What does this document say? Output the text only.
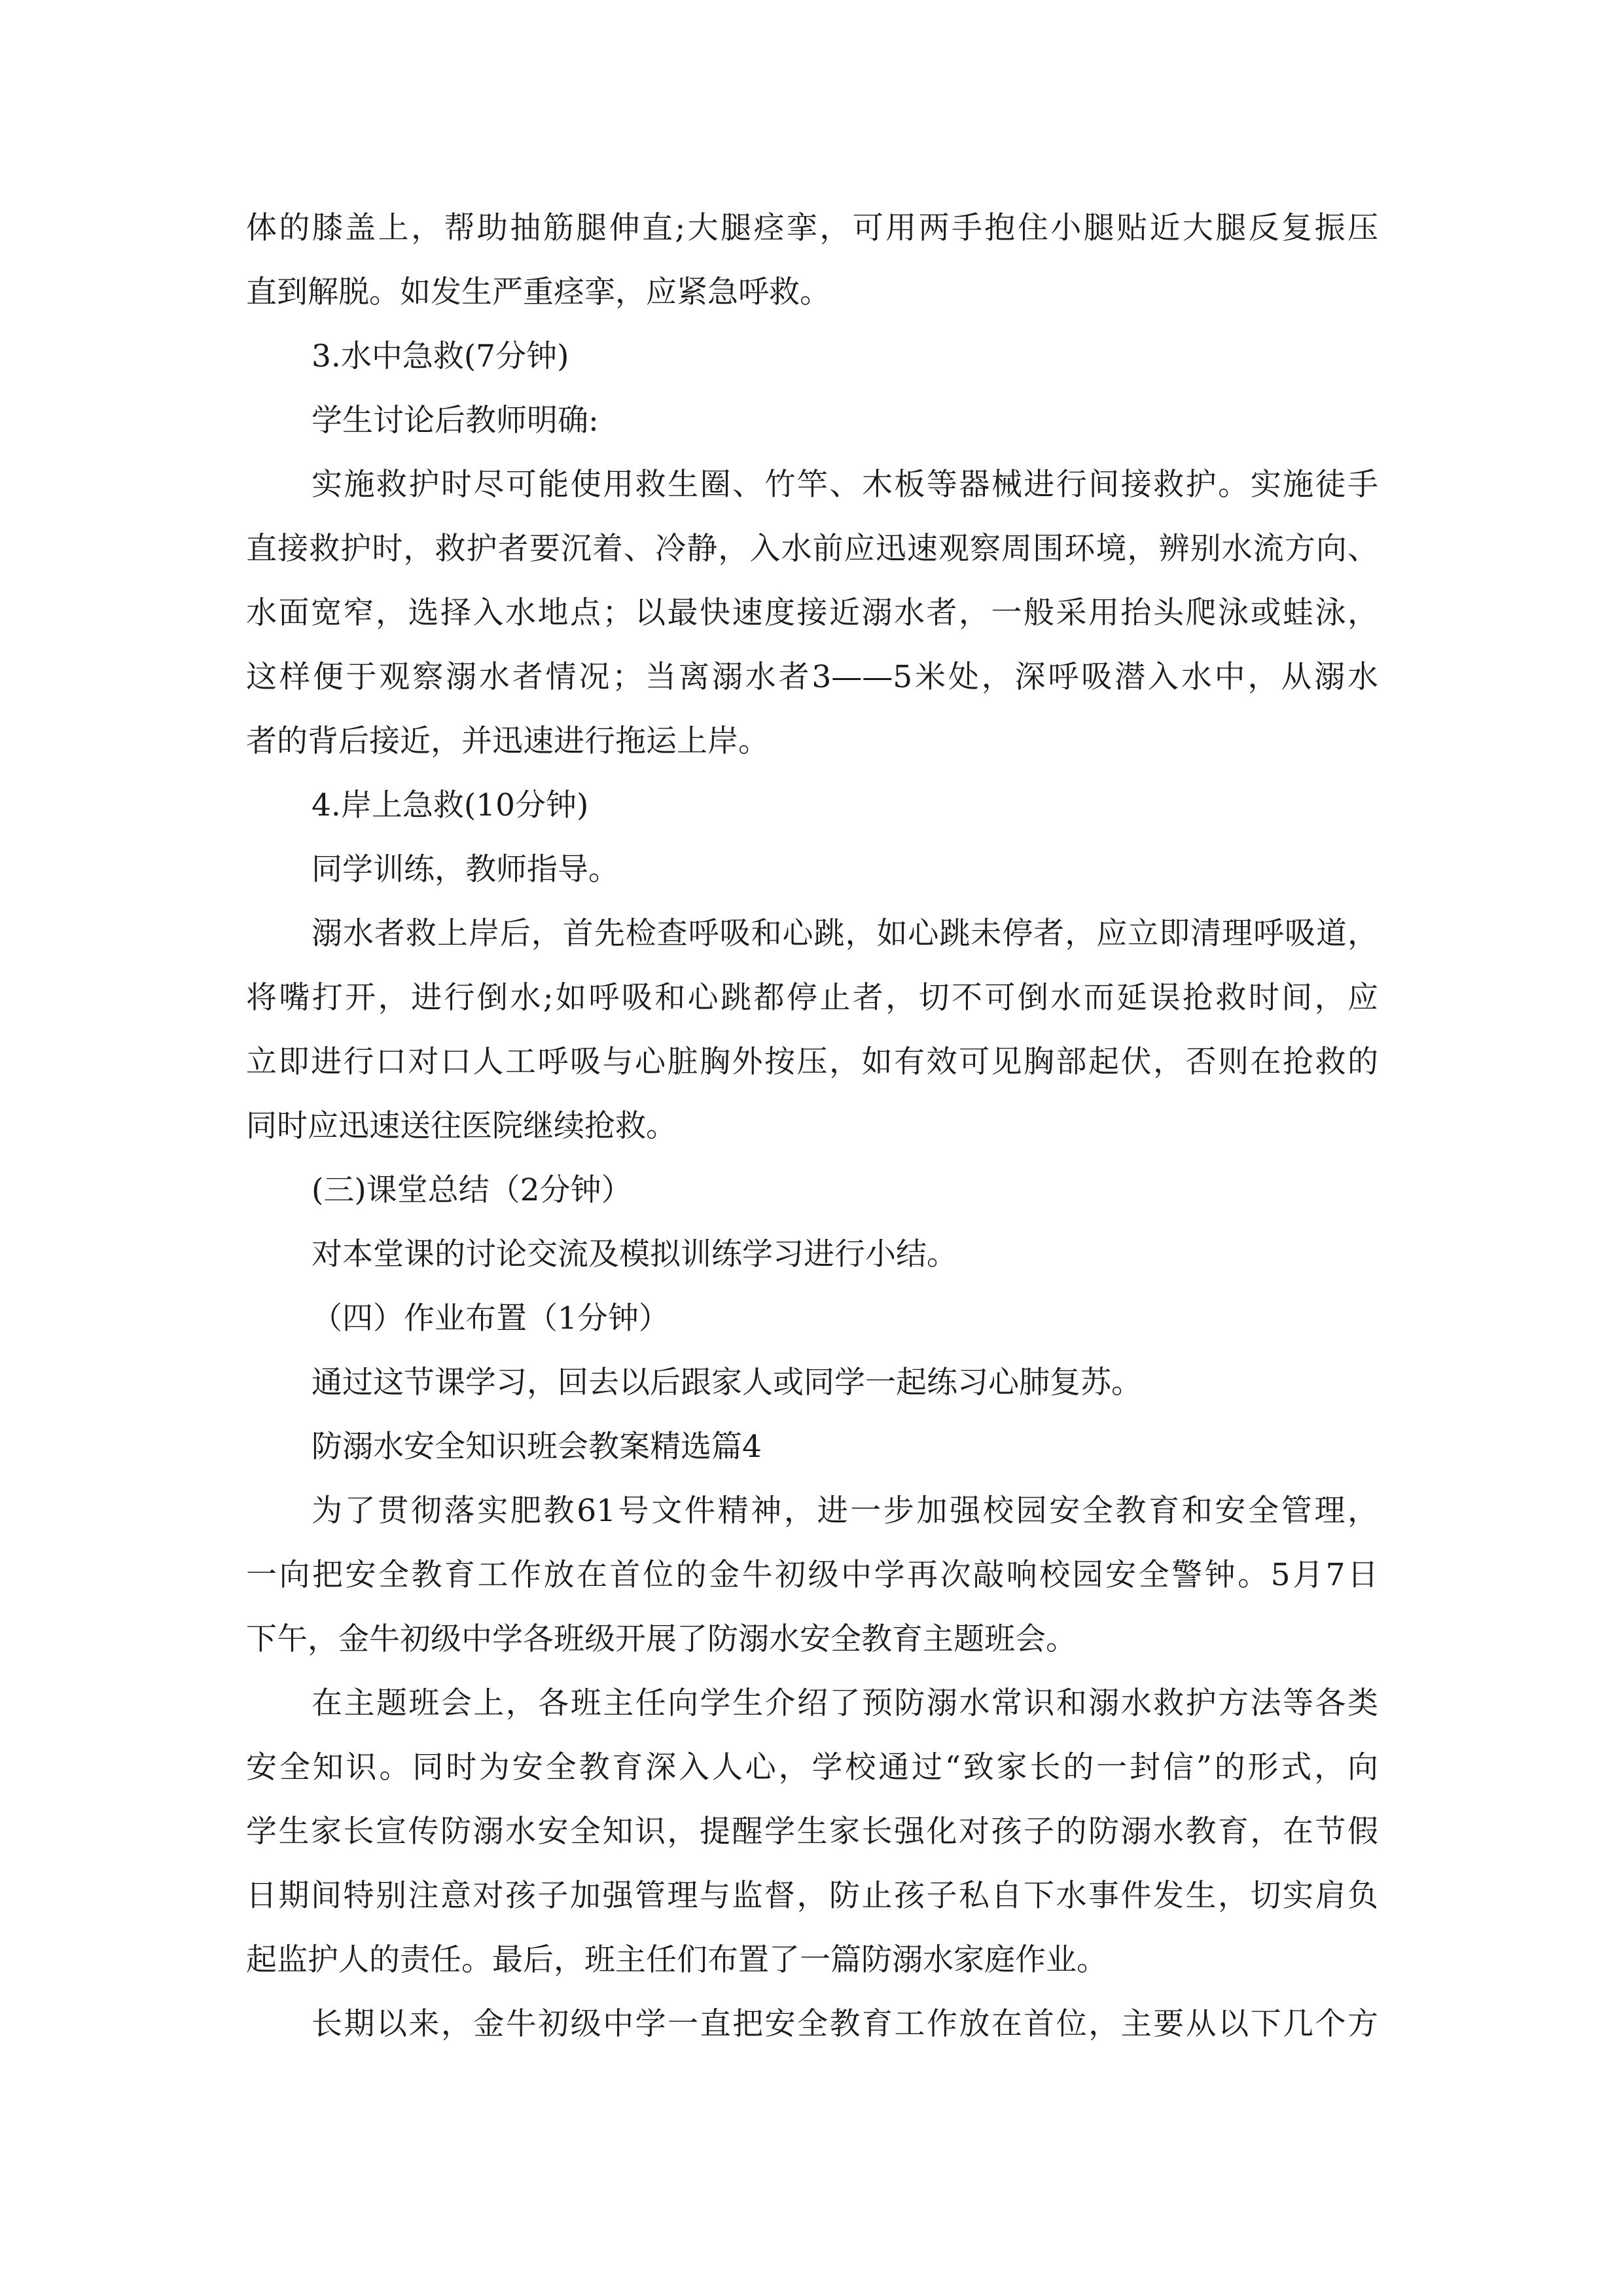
体的膝盖上，帮助抽筋腿伸直;大腿痉挛，可用两手抱住小腿贴近大腿反复振压
直到解脱。如发生严重痉挛，应紧急呼救。
3.水中急救(7分钟)
学生讨论后教师明确:
实施救护时尽可能使用救生圈、竹竿、木板等器械进行间接救护。实施徒手
直接救护时，救护者要沉着、冷静，入水前应迅速观察周围环境，辨别水流方向、
水面宽窄，选择入水地点；以最快速度接近溺水者，一般采用抬头爬泳或蛙泳，
这样便于观察溺水者情况；当离溺水者3——5米处，深呼吸潜入水中，从溺水
者的背后接近，并迅速进行拖运上岸。
4.岸上急救(10分钟)
同学训练，教师指导。
溺水者救上岸后，首先检查呼吸和心跳，如心跳未停者，应立即清理呼吸道，
将嘴打开，进行倒水;如呼吸和心跳都停止者，切不可倒水而延误抢救时间，应
立即进行口对口人工呼吸与心脏胸外按压，如有效可见胸部起伏，否则在抢救的
同时应迅速送往医院继续抢救。
(三)课堂总结（2分钟）
对本堂课的讨论交流及模拟训练学习进行小结。
（四）作业布置（1分钟）
通过这节课学习，回去以后跟家人或同学一起练习心肺复苏。
防溺水安全知识班会教案精选篇4
为了贯彻落实肥教61号文件精神，进一步加强校园安全教育和安全管理，
一向把安全教育工作放在首位的金牛初级中学再次敲响校园安全警钟。5月7日
下午，金牛初级中学各班级开展了防溺水安全教育主题班会。
在主题班会上，各班主任向学生介绍了预防溺水常识和溺水救护方法等各类
安全知识。同时为安全教育深入人心，学校通过“致家长的一封信”的形式，向
学生家长宣传防溺水安全知识，提醒学生家长强化对孩子的防溺水教育，在节假
日期间特别注意对孩子加强管理与监督，防止孩子私自下水事件发生，切实肩负
起监护人的责任。最后，班主任们布置了一篇防溺水家庭作业。
长期以来，金牛初级中学一直把安全教育工作放在首位，主要从以下几个方
